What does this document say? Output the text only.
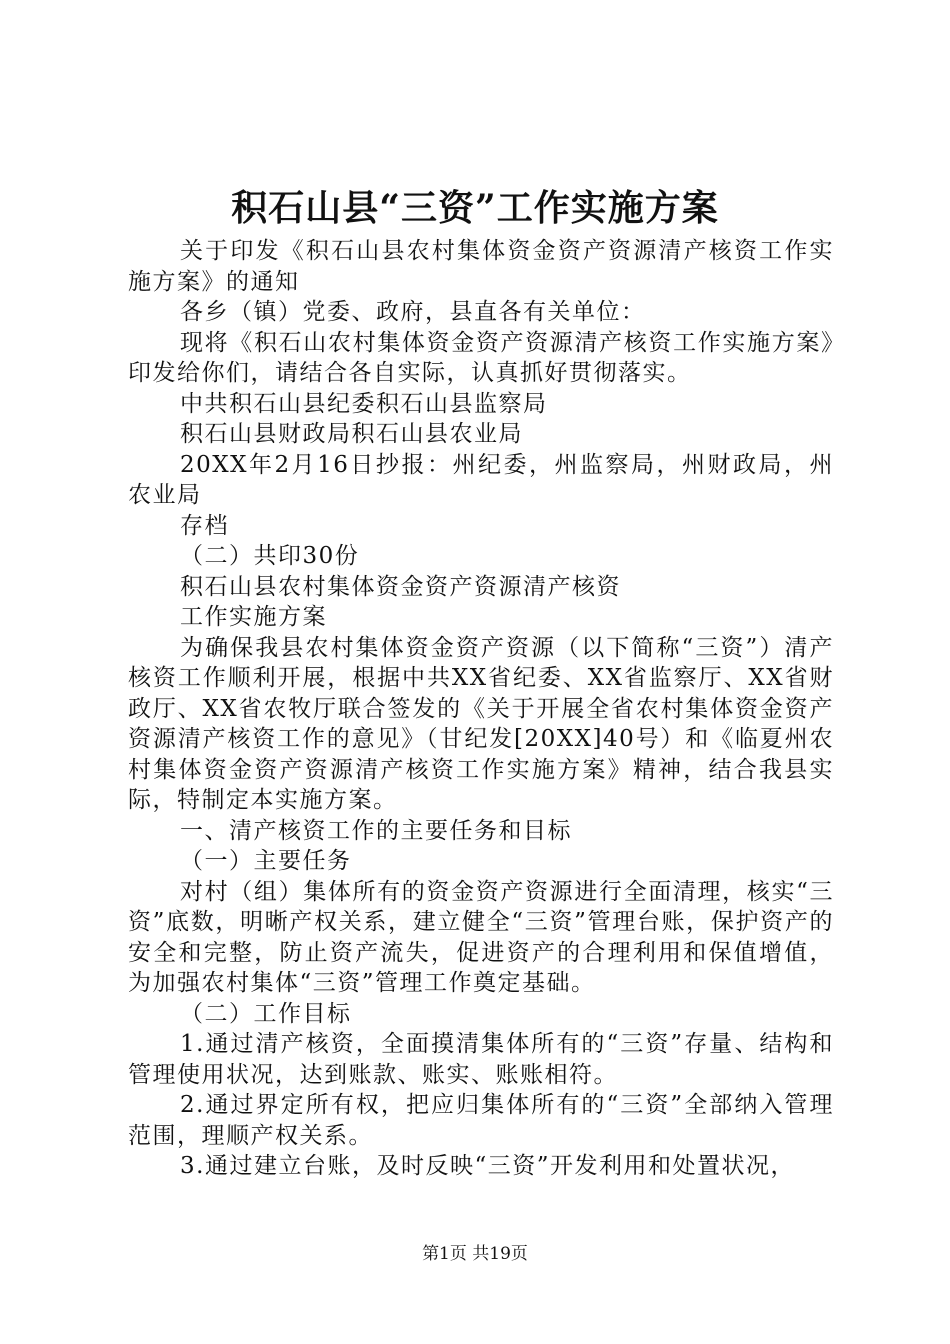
积石山县“三资”工作实施方案

关于印发《积石山县农村集体资金资产资源清产核资工作实施方案》的通知

各乡（镇）党委、政府，县直各有关单位：

现将《积石山农村集体资金资产资源清产核资工作实施方案》印发给你们，请结合各自实际，认真抓好贯彻落实。

中共积石山县纪委积石山县监察局

积石山县财政局积石山县农业局

20XX年2月16日抄报：州纪委，州监察局，州财政局，州农业局

存档

（二）共印30份

积石山县农村集体资金资产资源清产核资

工作实施方案

为确保我县农村集体资金资产资源（以下简称“三资”）清产核资工作顺利开展，根据中共XX省纪委、XX省监察厅、XX省财政厅、XX省农牧厅联合签发的《关于开展全省农村集体资金资产资源清产核资工作的意见》（甘纪发[20XX]40号）和《临夏州农村集体资金资产资源清产核资工作实施方案》精神，结合我县实际，特制定本实施方案。

一、清产核资工作的主要任务和目标

（一）主要任务

对村（组）集体所有的资金资产资源进行全面清理，核实“三资”底数，明晰产权关系，建立健全“三资”管理台账，保护资产的安全和完整，防止资产流失，促进资产的合理利用和保值增值，为加强农村集体“三资”管理工作奠定基础。

（二）工作目标

1.通过清产核资，全面摸清集体所有的“三资”存量、结构和管理使用状况，达到账款、账实、账账相符。

2.通过界定所有权，把应归集体所有的“三资”全部纳入管理范围，理顺产权关系。

3.通过建立台账，及时反映“三资”开发利用和处置状况，

第1页 共19页
